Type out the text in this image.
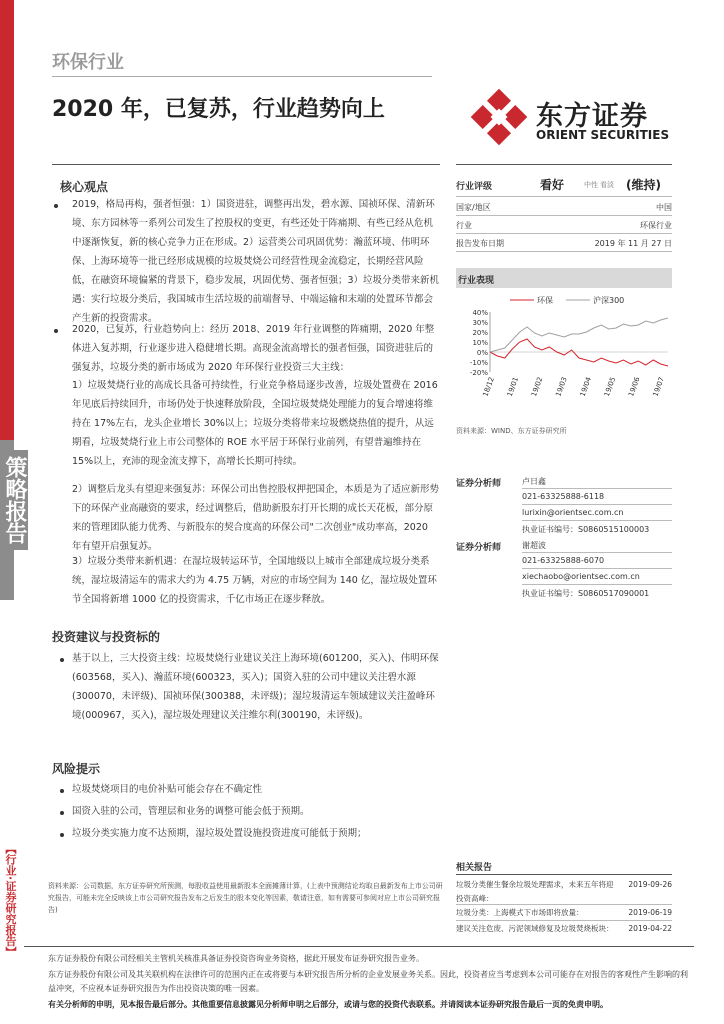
策略报告
【行业·证券研究报告】
环保行业
2020 年，已复苏，行业趋势向上	东方证券
ORIENT SECURITIES
核心观点
2019，格局再构，强者恒强：1）国资进驻，调整再出发，碧水源、国祯环保、清新环境、东方园林等一系列公司发生了控股权的变更，有些还处于阵痛期、有些已经从危机中逐渐恢复，新的核心竞争力正在形成。2）运营类公司巩固优势：瀚蓝环境、伟明环保、上海环境等一批已经形成规模的垃圾焚烧公司经营性现金流稳定，长期经营风险低，在融资环境偏紧的背景下，稳步发展，巩固优势、强者恒强；3）垃圾分类带来新机遇：实行垃圾分类后，我国城市生活垃圾的前端督导、中端运输和末端的处置环节都会产生新的投资需求。
2020，已复苏，行业趋势向上：经历 2018、2019 年行业调整的阵痛期，2020 年整体进入复苏期，行业逐步进入稳健增长期。高现金流高增长的强者恒强，国资进驻后的强复苏，垃圾分类的新市场成为 2020 年环保行业投资三大主线：
1）垃圾焚烧行业的高成长具备可持续性，行业竞争格局逐步改善，垃圾处置费在 2016 年见底后持续回升，市场仍处于快速释放阶段，全国垃圾焚烧处理能力的复合增速将维持在 17%左右，龙头企业增长 30%以上；垃圾分类将带来垃圾燃烧热值的提升，从远期看，垃圾焚烧行业上市公司整体的 ROE 水平居于环保行业前列，有望普遍维持在 15%以上，充沛的现金流支撑下，高增长长期可持续。
2）调整后龙头有望迎来强复苏：环保公司出售控股权押把国企，本质是为了适应新形势下的环保产业高融资的要求，经过调整后，借助新股东打开长期的成长天花板，部分原来的管理团队能力优秀、与新股东的契合度高的环保公司"二次创业"成功率高，2020 年有望开启强复苏。
3）垃圾分类带来新机遇：在湿垃圾转运环节，全国地级以上城市全部建成垃圾分类系统，湿垃圾清运车的需求大约为 4.75 万辆，对应的市场空间为 140 亿，湿垃圾处置环节全国将新增 1000 亿的投资需求，千亿市场正在逐步释放。
投资建议与投资标的
基于以上，三大投资主线：垃圾焚烧行业建议关注上海环境(601200，买入)、伟明环保(603568，买入)、瀚蓝环境(600323，买入)；国资入驻的公司中建议关注碧水源(300070，未评级)、国祯环保(300388，未评级)；湿垃圾清运车领域建议关注盈峰环境(000967，买入)，湿垃圾处理建议关注维尔利(300190，未评级)。
风险提示
垃圾焚烧项目的电价补贴可能会存在不确定性
国资入驻的公司，管理层和业务的调整可能会低于预期。
垃圾分类实施力度不达预期，湿垃圾处置设施投资进度可能低于预期；
行业评级	看好	中性 看淡 (维持)
国家/地区	中国
行业	环保行业
报告发布日期	2019 年 11 月 27 日
行业表现
环保	沪深300
40%
30%
20%
10%
0%
-10%
-20%
18/12 19/01 19/02 19/03 19/04 19/05 19/06 19/07
资料来源：WIND、东方证券研究所
证券分析师	卢日鑫
021-63325888-6118
lurixin@orientsec.com.cn
执业证书编号：S0860515100003
证券分析师	谢超波
021-63325888-6070
xiechaobo@orientsec.com.cn
执业证书编号：S0860517090001
相关报告
垃圾分类催生餐余垃圾处理需求，未来五年将迎投资高峰：
2019-09-26
垃圾分类：上海模式下市场即将放量：	2019-06-19
建议关注危废、污泥领域修复及垃圾焚烧板块：	2019-04-22
资料来源：公司数据，东方证券研究所预测，每股收益使用最新股本全面摊薄计算，(上表中预测结论均取自最新发布上市公司研究报告，可能未完全反映该上市公司研究报告发布之后发生的股本变化等因素，敬请注意，如有需要可参阅对应上市公司研究报告)
东方证券股份有限公司经相关主管机关核准具备证券投资咨询业务资格，据此开展发布证券研究报告业务。
东方证券股份有限公司及其关联机构在法律许可的范围内正在或将要与本研究报告所分析的企业发展业务关系。因此，投资者应当考虑到本公司可能存在对报告的客观性产生影响的利益冲突，不应视本证券研究报告为作出投资决策的唯一因素。
有关分析师的申明，见本报告最后部分。其他重要信息披露见分析师申明之后部分，或请与您的投资代表联系。并请阅读本证券研究报告最后一页的免责申明。
